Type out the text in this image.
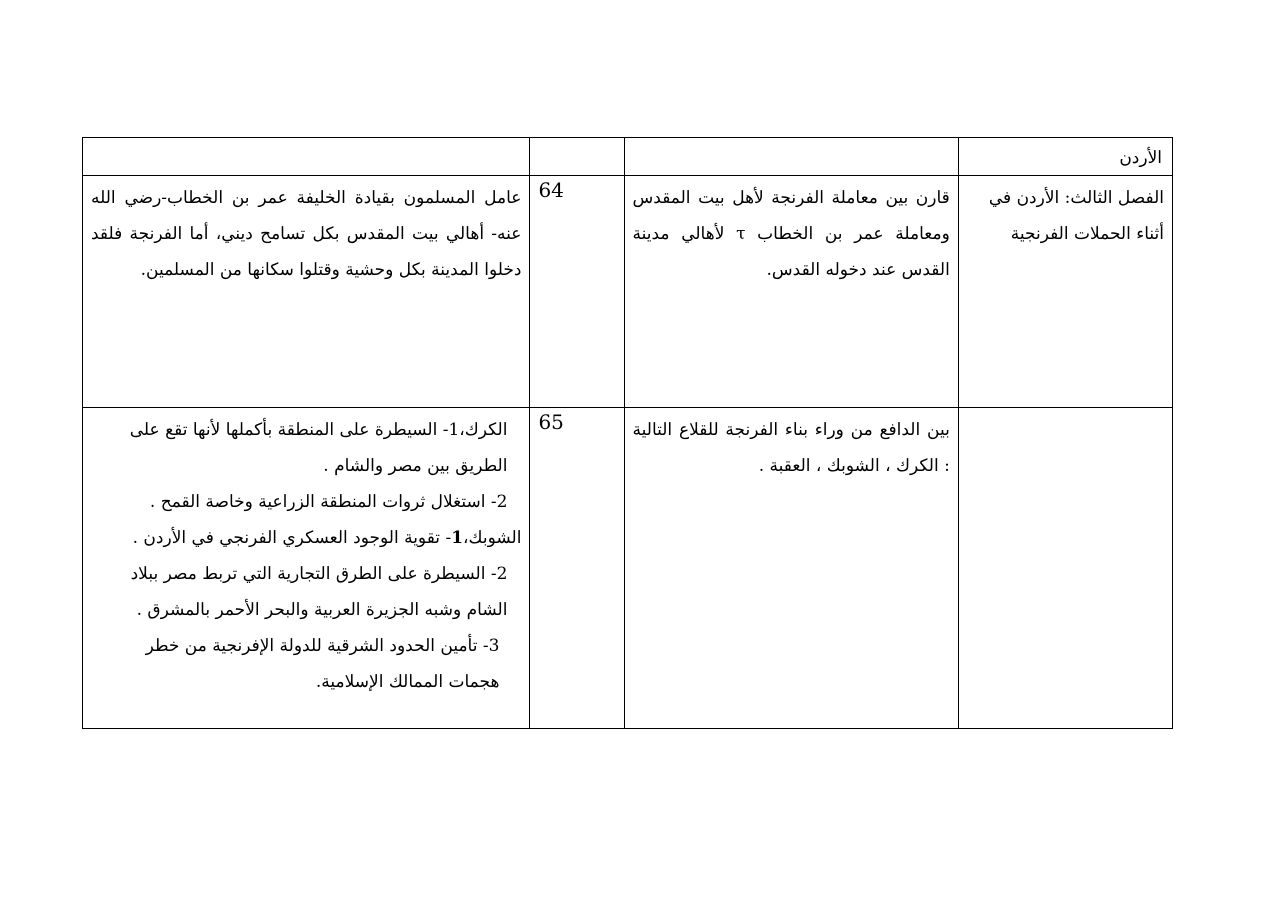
الأردن			

الفصل الثالث: الأردن في أثناء الحملات الفرنجية	قارن بين معاملة الفرنجة لأهل بيت المقدس ومعاملة عمر بن الخطاب τ لأهالي مدينة القدس عند دخوله القدس.	64	عامل المسلمون بقيادة الخليفة عمر بن الخطاب-رضي الله عنه- أهالي بيت المقدس بكل تسامح ديني، أما الفرنجة فلقد دخلوا المدينة بكل وحشية وقتلوا سكانها من المسلمين.

	بين الدافع من وراء بناء الفرنجة للقلاع التالية : الكرك ، الشوبك ، العقبة .	65	الكرك،1- السيطرة على المنطقة بأكملها لأنها تقع على الطريق بين مصر والشام .
2- استغلال ثروات المنطقة الزراعية وخاصة القمح .
الشوبك،1- تقوية الوجود العسكري الفرنجي في الأردن .
2- السيطرة على الطرق التجارية التي تربط مصر ببلاد الشام وشبه الجزيرة العربية والبحر الأحمر بالمشرق .
3- تأمين الحدود الشرقية للدولة الإفرنجية من خطر هجمات الممالك الإسلامية.
